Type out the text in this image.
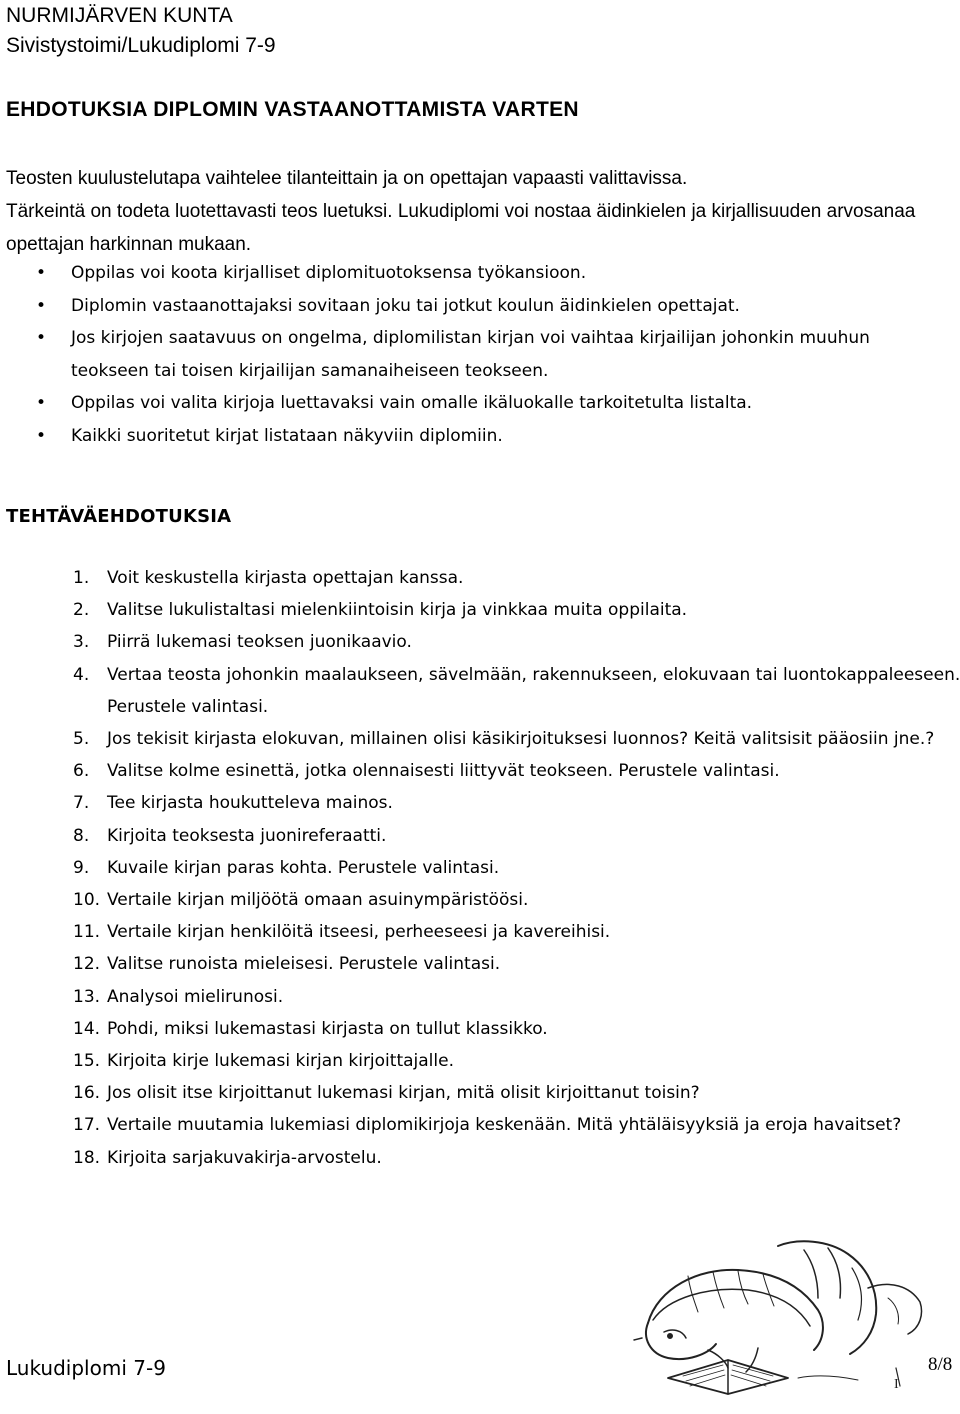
NURMIJÄRVEN KUNTA
Sivistystoimi/Lukudiplomi 7-9
EHDOTUKSIA DIPLOMIN VASTAANOTTAMISTA VARTEN

Teosten kuulustelutapa vaihtelee tilanteittain ja on opettajan vapaasti valittavissa.

Tärkeintä on todeta luotettavasti teos luetuksi. Lukudiplomi voi nostaa äidinkielen ja kirjallisuuden arvosanaa opettajan harkinnan mukaan.

• Oppilas voi koota kirjalliset diplomituotoksensa työkansioon.
• Diplomin vastaanottajaksi sovitaan joku tai jotkut koulun äidinkielen opettajat.
• Jos kirjojen saatavuus on ongelma, diplomilistan kirjan voi vaihtaa kirjailijan johonkin muuhun teokseen tai toisen kirjailijan samanaiheiseen teokseen.
• Oppilas voi valita kirjoja luettavaksi vain omalle ikäluokalle tarkoitetulta listalta.
• Kaikki suoritetut kirjat listataan näkyviin diplomiin.
TEHTÄVÄEHDOTUKSIA
1. Voit keskustella kirjasta opettajan kanssa.
2. Valitse lukulistaltasi mielenkiintoisin kirja ja vinkkaa muita oppilaita.
3. Piirrä lukemasi teoksen juonikaavio.
4. Vertaa teosta johonkin maalaukseen, sävelmään, rakennukseen, elokuvaan tai luontokappaleeseen. Perustele valintasi.
5. Jos tekisit kirjasta elokuvan, millainen olisi käsikirjoituksesi luonnos? Keitä valitsisit pääosiin jne.?
6. Valitse kolme esinettä, jotka olennaisesti liittyvät teokseen. Perustele valintasi.
7. Tee kirjasta houkutteleva mainos.
8. Kirjoita teoksesta juonireferaatti.
9. Kuvaile kirjan paras kohta. Perustele valintasi.
10. Vertaile kirjan miljöötä omaan asuinympäristöösi.
11. Vertaile kirjan henkilöitä itseesi, perheeseesi ja kavereihisi.
12. Valitse runoista mieleisesi. Perustele valintasi.
13. Analysoi mielirunosi.
14. Pohdi, miksi lukemastasi kirjasta on tullut klassikko.
15. Kirjoita kirje lukemasi kirjan kirjoittajalle.
16. Jos olisit itse kirjoittanut lukemasi kirjan, mitä olisit kirjoittanut toisin?
17. Vertaile muutamia lukemiasi diplomikirjoja keskenään. Mitä yhtäläisyyksiä ja eroja havaitset?
18. Kirjoita sarjakuvakirja-arvostelu.
I
Lukudiplomi 7-9	8/8
